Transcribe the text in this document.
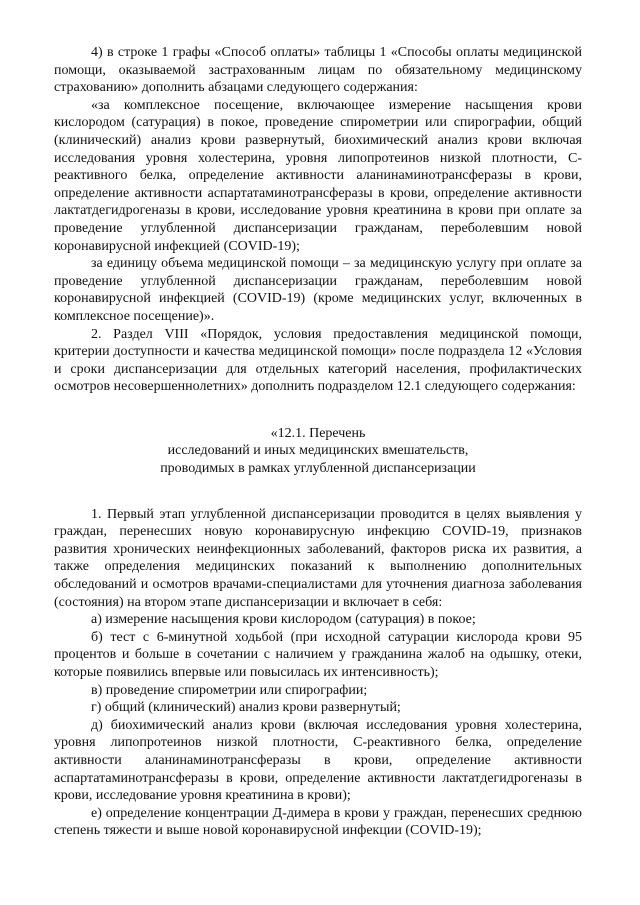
4) в строке 1 графы «Способ оплаты» таблицы 1 «Способы оплаты медицинской помощи, оказываемой застрахованным лицам по обязательному медицинскому страхованию» дополнить абзацами следующего содержания:

«за комплексное посещение, включающее измерение насыщения крови кислородом (сатурация) в покое, проведение спирометрии или спирографии, общий (клинический) анализ крови развернутый, биохимический анализ крови включая исследования уровня холестерина, уровня липопротеинов низкой плотности, С-реактивного белка, определение активности аланинаминотрансферазы в крови, определение активности аспартатаминотрансферазы в крови, определение активности лактатдегидрогеназы в крови, исследование уровня креатинина в крови при оплате за проведение углубленной диспансеризации гражданам, переболевшим новой коронавирусной инфекцией (COVID-19);

за единицу объема медицинской помощи – за медицинскую услугу при оплате за проведение углубленной диспансеризации гражданам, переболевшим новой коронавирусной инфекцией (COVID-19) (кроме медицинских услуг, включенных в комплексное посещение)».

2. Раздел VIII «Порядок, условия предоставления медицинской помощи, критерии доступности и качества медицинской помощи» после подраздела 12 «Условия и сроки диспансеризации для отдельных категорий населения, профилактических осмотров несовершеннолетних» дополнить подразделом 12.1 следующего содержания:

«12.1. Перечень
исследований и иных медицинских вмешательств,
проводимых в рамках углубленной диспансеризации

1. Первый этап углубленной диспансеризации проводится в целях выявления у граждан, перенесших новую коронавирусную инфекцию COVID-19, признаков развития хронических неинфекционных заболеваний, факторов риска их развития, а также определения медицинских показаний к выполнению дополнительных обследований и осмотров врачами-специалистами для уточнения диагноза заболевания (состояния) на втором этапе диспансеризации и включает в себя:

а) измерение насыщения крови кислородом (сатурация) в покое;

б) тест с 6-минутной ходьбой (при исходной сатурации кислорода крови 95 процентов и больше в сочетании с наличием у гражданина жалоб на одышку, отеки, которые появились впервые или повысилась их интенсивность);

в) проведение спирометрии или спирографии;

г) общий (клинический) анализ крови развернутый;

д) биохимический анализ крови (включая исследования уровня холестерина, уровня липопротеинов низкой плотности, С-реактивного белка, определение активности аланинаминотрансферазы в крови, определение активности аспартатаминотрансферазы в крови, определение активности лактатдегидрогеназы в крови, исследование уровня креатинина в крови);

е) определение концентрации Д-димера в крови у граждан, перенесших среднюю степень тяжести и выше новой коронавирусной инфекции (COVID-19);
